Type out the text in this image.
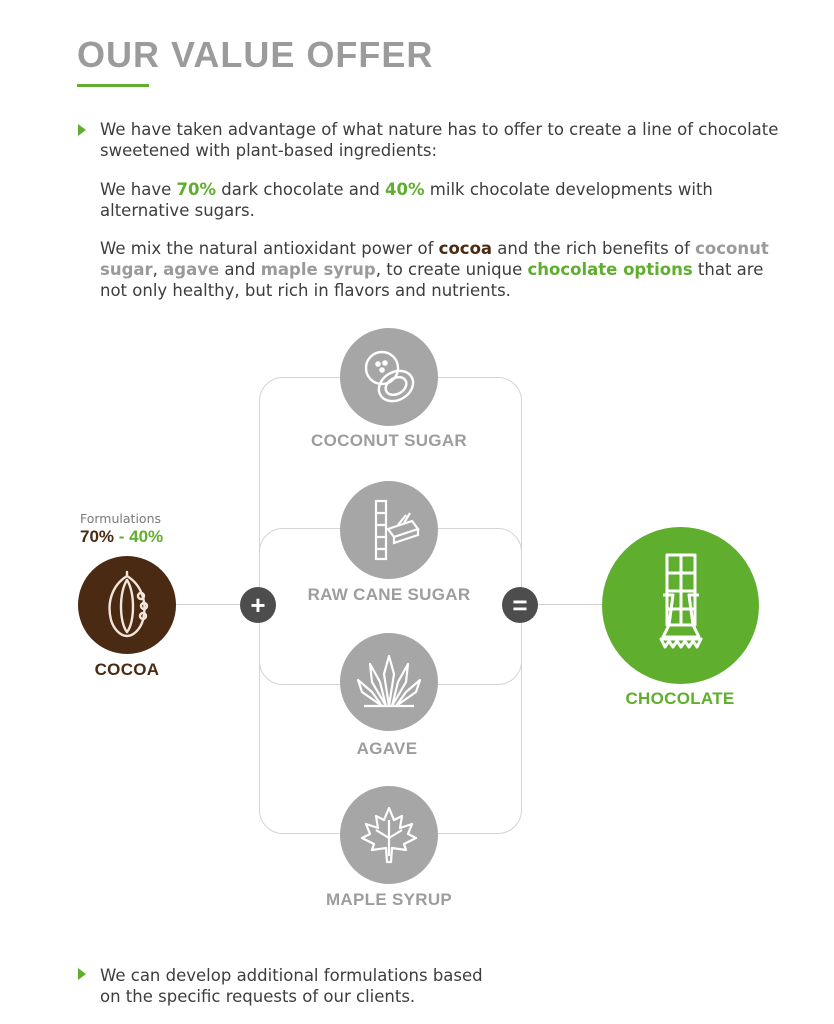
OUR VALUE OFFER

We have taken advantage of what nature has to offer to create a line of chocolate sweetened with plant-based ingredients:

We have 70% dark chocolate and 40% milk chocolate developments with alternative sugars.

We mix the natural antioxidant power of cocoa and the rich benefits of coconut sugar, agave and maple syrup, to create unique chocolate options that are not only healthy, but rich in flavors and nutrients.

Formulations
70% - 40%
COCOA
+	=
COCONUT SUGAR
RAW CANE SUGAR
AGAVE
MAPLE SYRUP
CHOCOLATE

We can develop additional formulations based on the specific requests of our clients.
